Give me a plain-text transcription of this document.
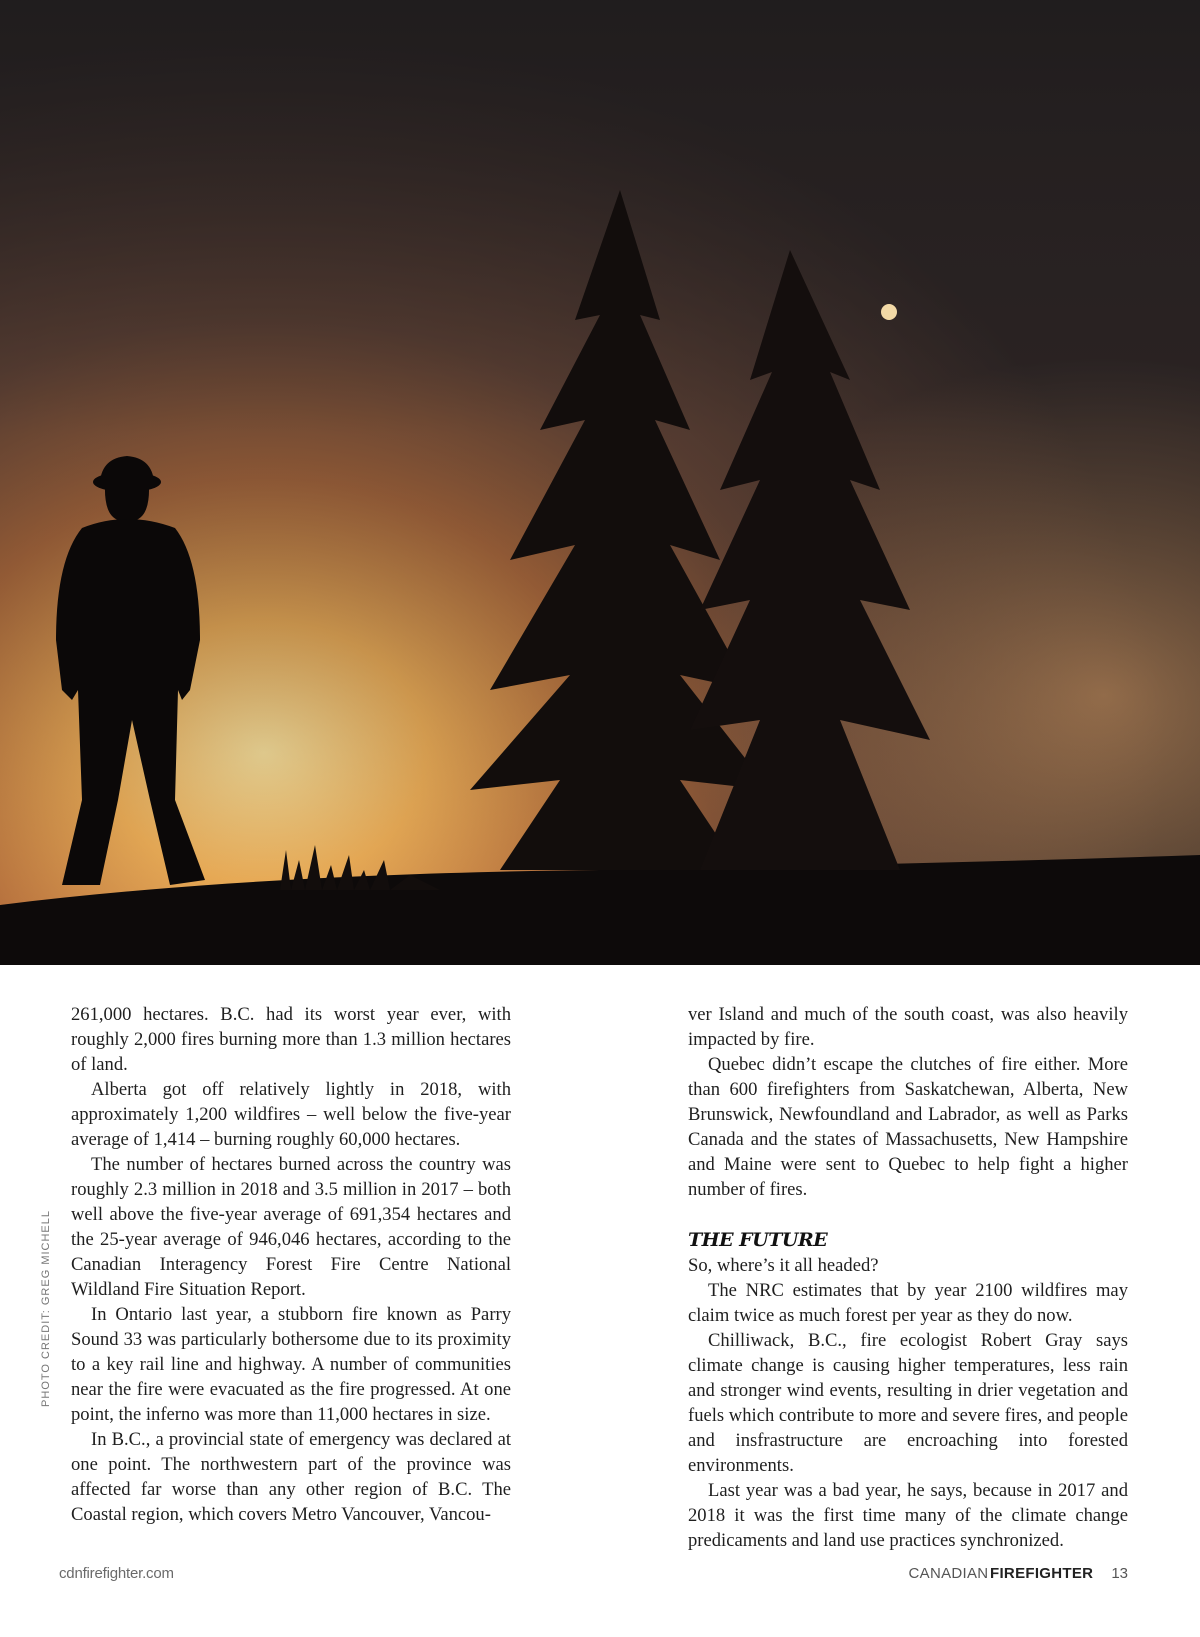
PHOTO CREDIT: GREG MICHELL

261,000 hectares. B.C. had its worst year ever, with roughly 2,000 fires burning more than 1.3 million hectares of land.

Alberta got off relatively lightly in 2018, with approximately 1,200 wildfires – well below the five-year average of 1,414 – burning roughly 60,000 hectares.

The number of hectares burned across the country was roughly 2.3 million in 2018 and 3.5 million in 2017 – both well above the five-year average of 691,354 hectares and the 25-year average of 946,046 hectares, according to the Canadian Interagency Forest Fire Centre National Wildland Fire Situation Report.

In Ontario last year, a stubborn fire known as Parry Sound 33 was particularly bothersome due to its proximity to a key rail line and highway. A number of communities near the fire were evacuated as the fire progressed. At one point, the inferno was more than 11,000 hectares in size.

In B.C., a provincial state of emergency was declared at one point. The northwestern part of the province was affected far worse than any other region of B.C. The Coastal region, which covers Metro Vancouver, Vancou-

ver Island and much of the south coast, was also heavily impacted by fire.

Quebec didn’t escape the clutches of fire either. More than 600 firefighters from Saskatchewan, Alberta, New Brunswick, Newfoundland and Labrador, as well as Parks Canada and the states of Massachusetts, New Hampshire and Maine were sent to Quebec to help fight a higher number of fires.

THE FUTURE

So, where’s it all headed?

The NRC estimates that by year 2100 wildfires may claim twice as much forest per year as they do now.

Chilliwack, B.C., fire ecologist Robert Gray says climate change is causing higher temperatures, less rain and stronger wind events, resulting in drier vegetation and fuels which contribute to more and severe fires, and people and insfrastructure are encroaching into forested environments.

Last year was a bad year, he says, because in 2017 and 2018 it was the first time many of the climate change predicaments and land use practices synchronized.

cdnfirefighter.com	CANADIAN  FIREFIGHTER 13
